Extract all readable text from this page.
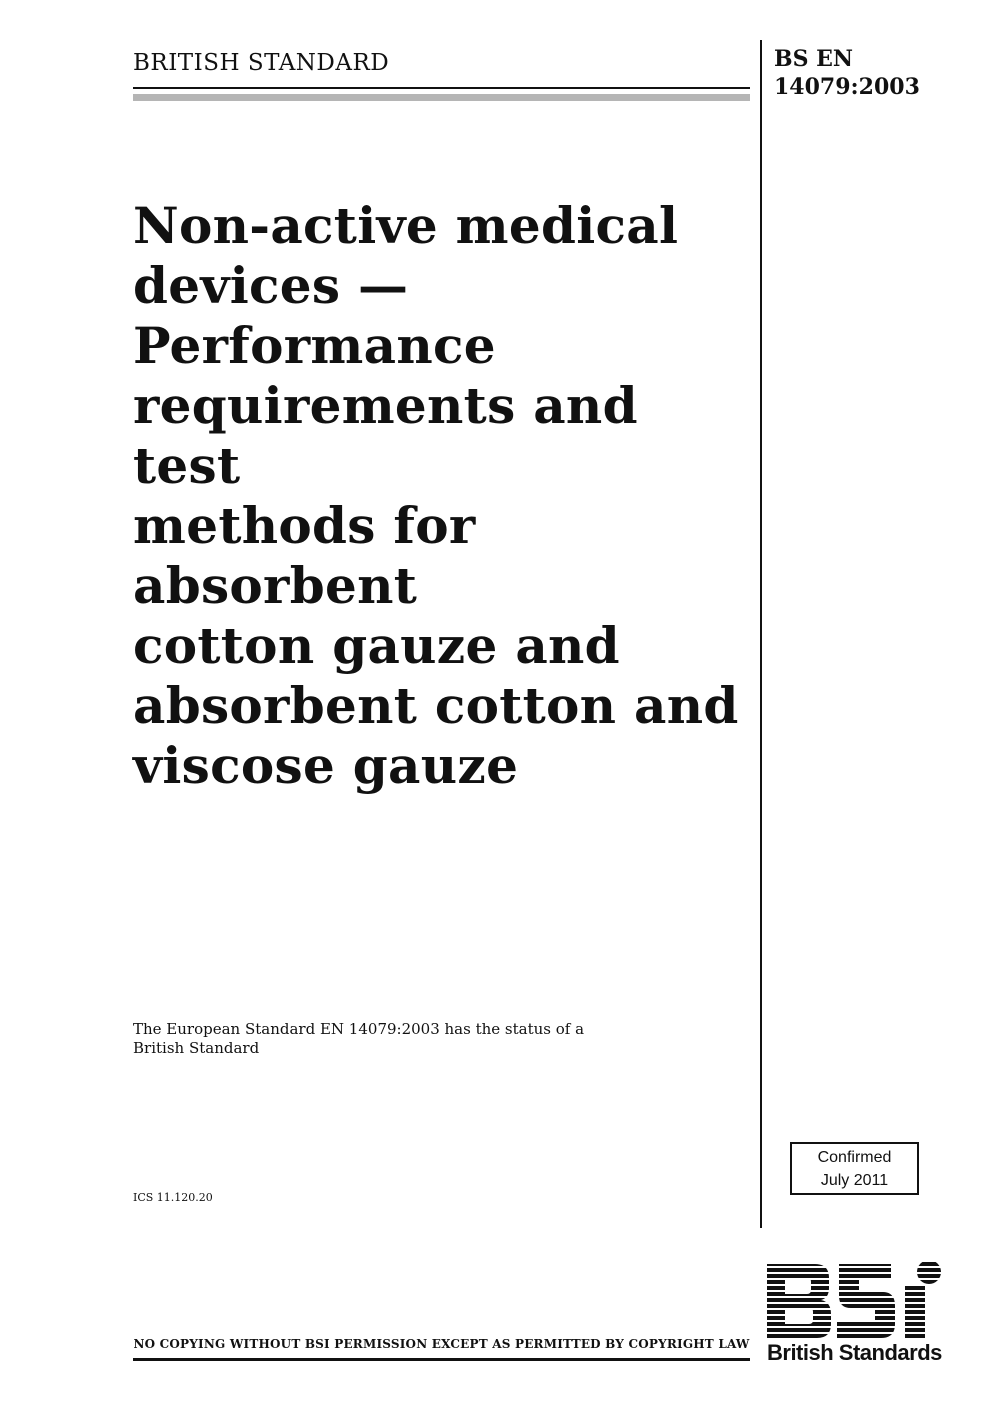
BRITISH STANDARD	BS EN
14079:2003
Non-active medical
devices — Performance
requirements and test
methods for absorbent
cotton gauze and
absorbent cotton and
viscose gauze
The European Standard EN 14079:2003 has the status of a
British Standard
ICS 11.120.20
Confirmed
July 2011
NO COPYING WITHOUT BSI PERMISSION EXCEPT AS PERMITTED BY COPYRIGHT LAW British Standards
